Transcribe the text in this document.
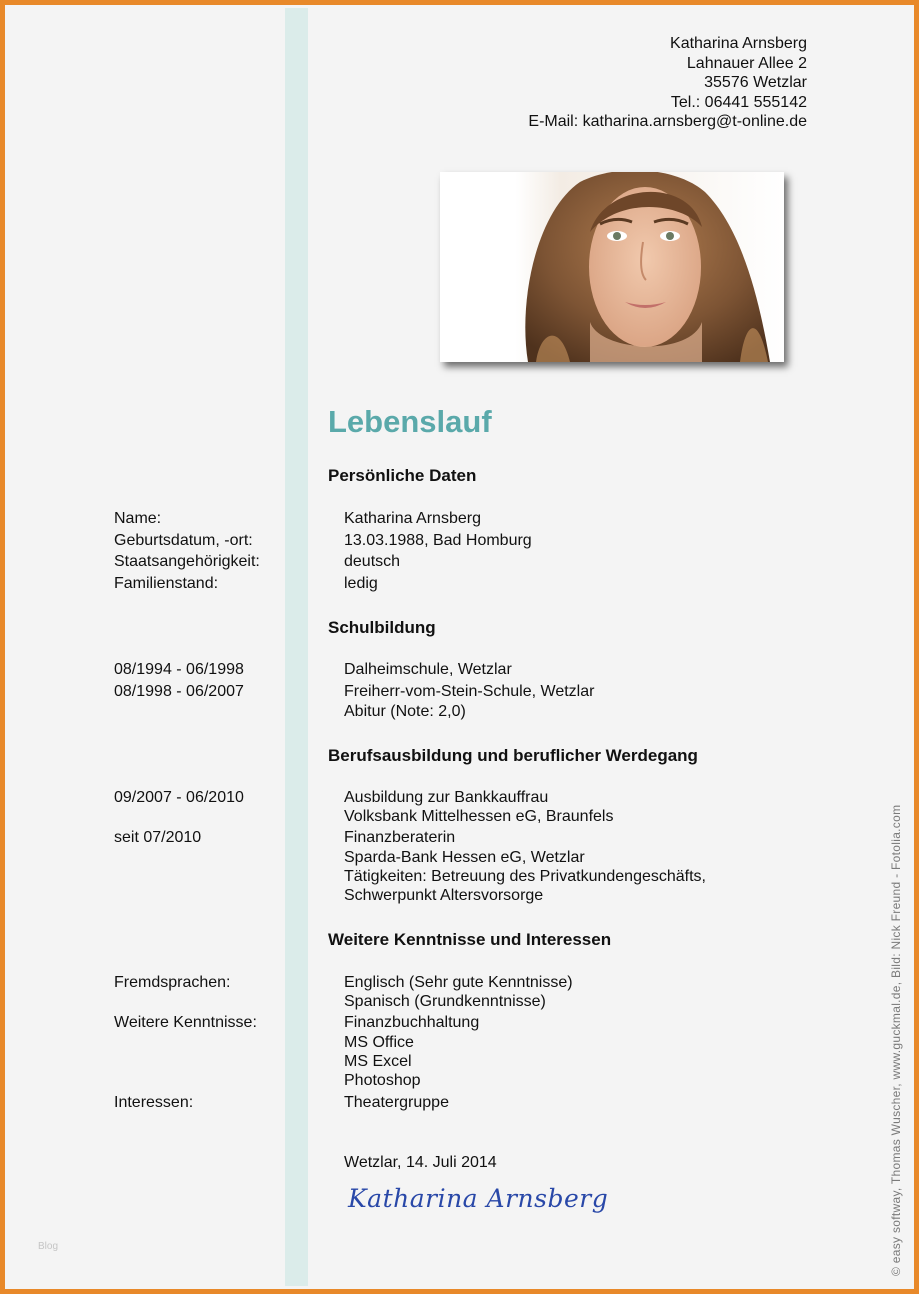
Katharina Arnsberg
Lahnauer Allee 2
35576 Wetzlar
Tel.: 06441 555142
E-Mail: katharina.arnsberg@t-online.de
Lebenslauf
Persönliche Daten
Name:	Katharina Arnsberg
Geburtsdatum, -ort:	13.03.1988, Bad Homburg
Staatsangehörigkeit:	deutsch
Familienstand:	ledig
Schulbildung
08/1994 - 06/1998	Dalheimschule, Wetzlar
08/1998 - 06/2007	Freiherr-vom-Stein-Schule, Wetzlar
Abitur (Note: 2,0)
Berufsausbildung und beruflicher Werdegang
09/2007 - 06/2010	Ausbildung zur Bankkauffrau
Volksbank Mittelhessen eG, Braunfels
seit 07/2010	Finanzberaterin
Sparda-Bank Hessen eG, Wetzlar
Tätigkeiten: Betreuung des Privatkundengeschäfts,
Schwerpunkt Altersvorsorge
Weitere Kenntnisse und Interessen
Fremdsprachen:	Englisch (Sehr gute Kenntnisse)
Spanisch (Grundkenntnisse)
Weitere Kenntnisse:	Finanzbuchhaltung
MS Office
MS Excel
Photoshop
Interessen:	Theatergruppe
Wetzlar, 14. Juli 2014
Katharina Arnsberg	© easy softway, Thomas Wuscher, www.guckmal.de, Bild: Nick Freund - Fotolia.com
Blog
